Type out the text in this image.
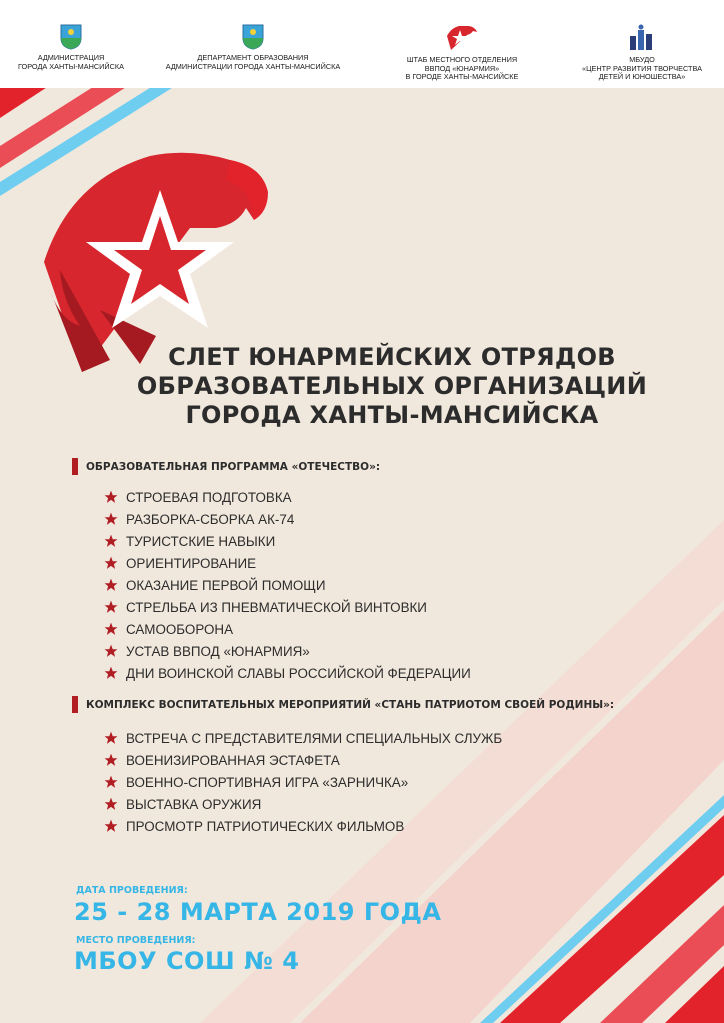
АДМИНИСТРАЦИЯ
ГОРОДА ХАНТЫ-МАНСИЙСКА
ДЕПАРТАМЕНТ ОБРАЗОВАНИЯ
АДМИНИСТРАЦИИ ГОРОДА ХАНТЫ-МАНСИЙСКА
ШТАБ МЕСТНОГО ОТДЕЛЕНИЯ
ВВПОД «ЮНАРМИЯ»
В ГОРОДЕ ХАНТЫ-МАНСИЙСКЕ
МБУДО
«ЦЕНТР РАЗВИТИЯ ТВОРЧЕСТВА
ДЕТЕЙ И ЮНОШЕСТВА»
СЛЕТ ЮНАРМЕЙСКИХ ОТРЯДОВ
ОБРАЗОВАТЕЛЬНЫХ ОРГАНИЗАЦИЙ
ГОРОДА ХАНТЫ-МАНСИЙСКА
ОБРАЗОВАТЕЛЬНАЯ ПРОГРАММА «ОТЕЧЕСТВО»:
СТРОЕВАЯ ПОДГОТОВКА
РАЗБОРКА-СБОРКА АК-74
ТУРИСТСКИЕ НАВЫКИ
ОРИЕНТИРОВАНИЕ
ОКАЗАНИЕ ПЕРВОЙ ПОМОЩИ
СТРЕЛЬБА ИЗ ПНЕВМАТИЧЕСКОЙ ВИНТОВКИ
САМООБОРОНА
УСТАВ ВВПОД «ЮНАРМИЯ»
ДНИ ВОИНСКОЙ СЛАВЫ РОССИЙСКОЙ ФЕДЕРАЦИИ
КОМПЛЕКС ВОСПИТАТЕЛЬНЫХ МЕРОПРИЯТИЙ «СТАНЬ ПАТРИОТОМ СВОЕЙ РОДИНЫ»:
ВСТРЕЧА С ПРЕДСТАВИТЕЛЯМИ СПЕЦИАЛЬНЫХ СЛУЖБ
ВОЕНИЗИРОВАННАЯ ЭСТАФЕТА
ВОЕННО-СПОРТИВНАЯ ИГРА «ЗАРНИЧКА»
ВЫСТАВКА ОРУЖИЯ
ПРОСМОТР ПАТРИОТИЧЕСКИХ ФИЛЬМОВ
ДАТА ПРОВЕДЕНИЯ:
25 - 28 МАРТА 2019 ГОДА
МЕСТО ПРОВЕДЕНИЯ:
МБОУ СОШ № 4
